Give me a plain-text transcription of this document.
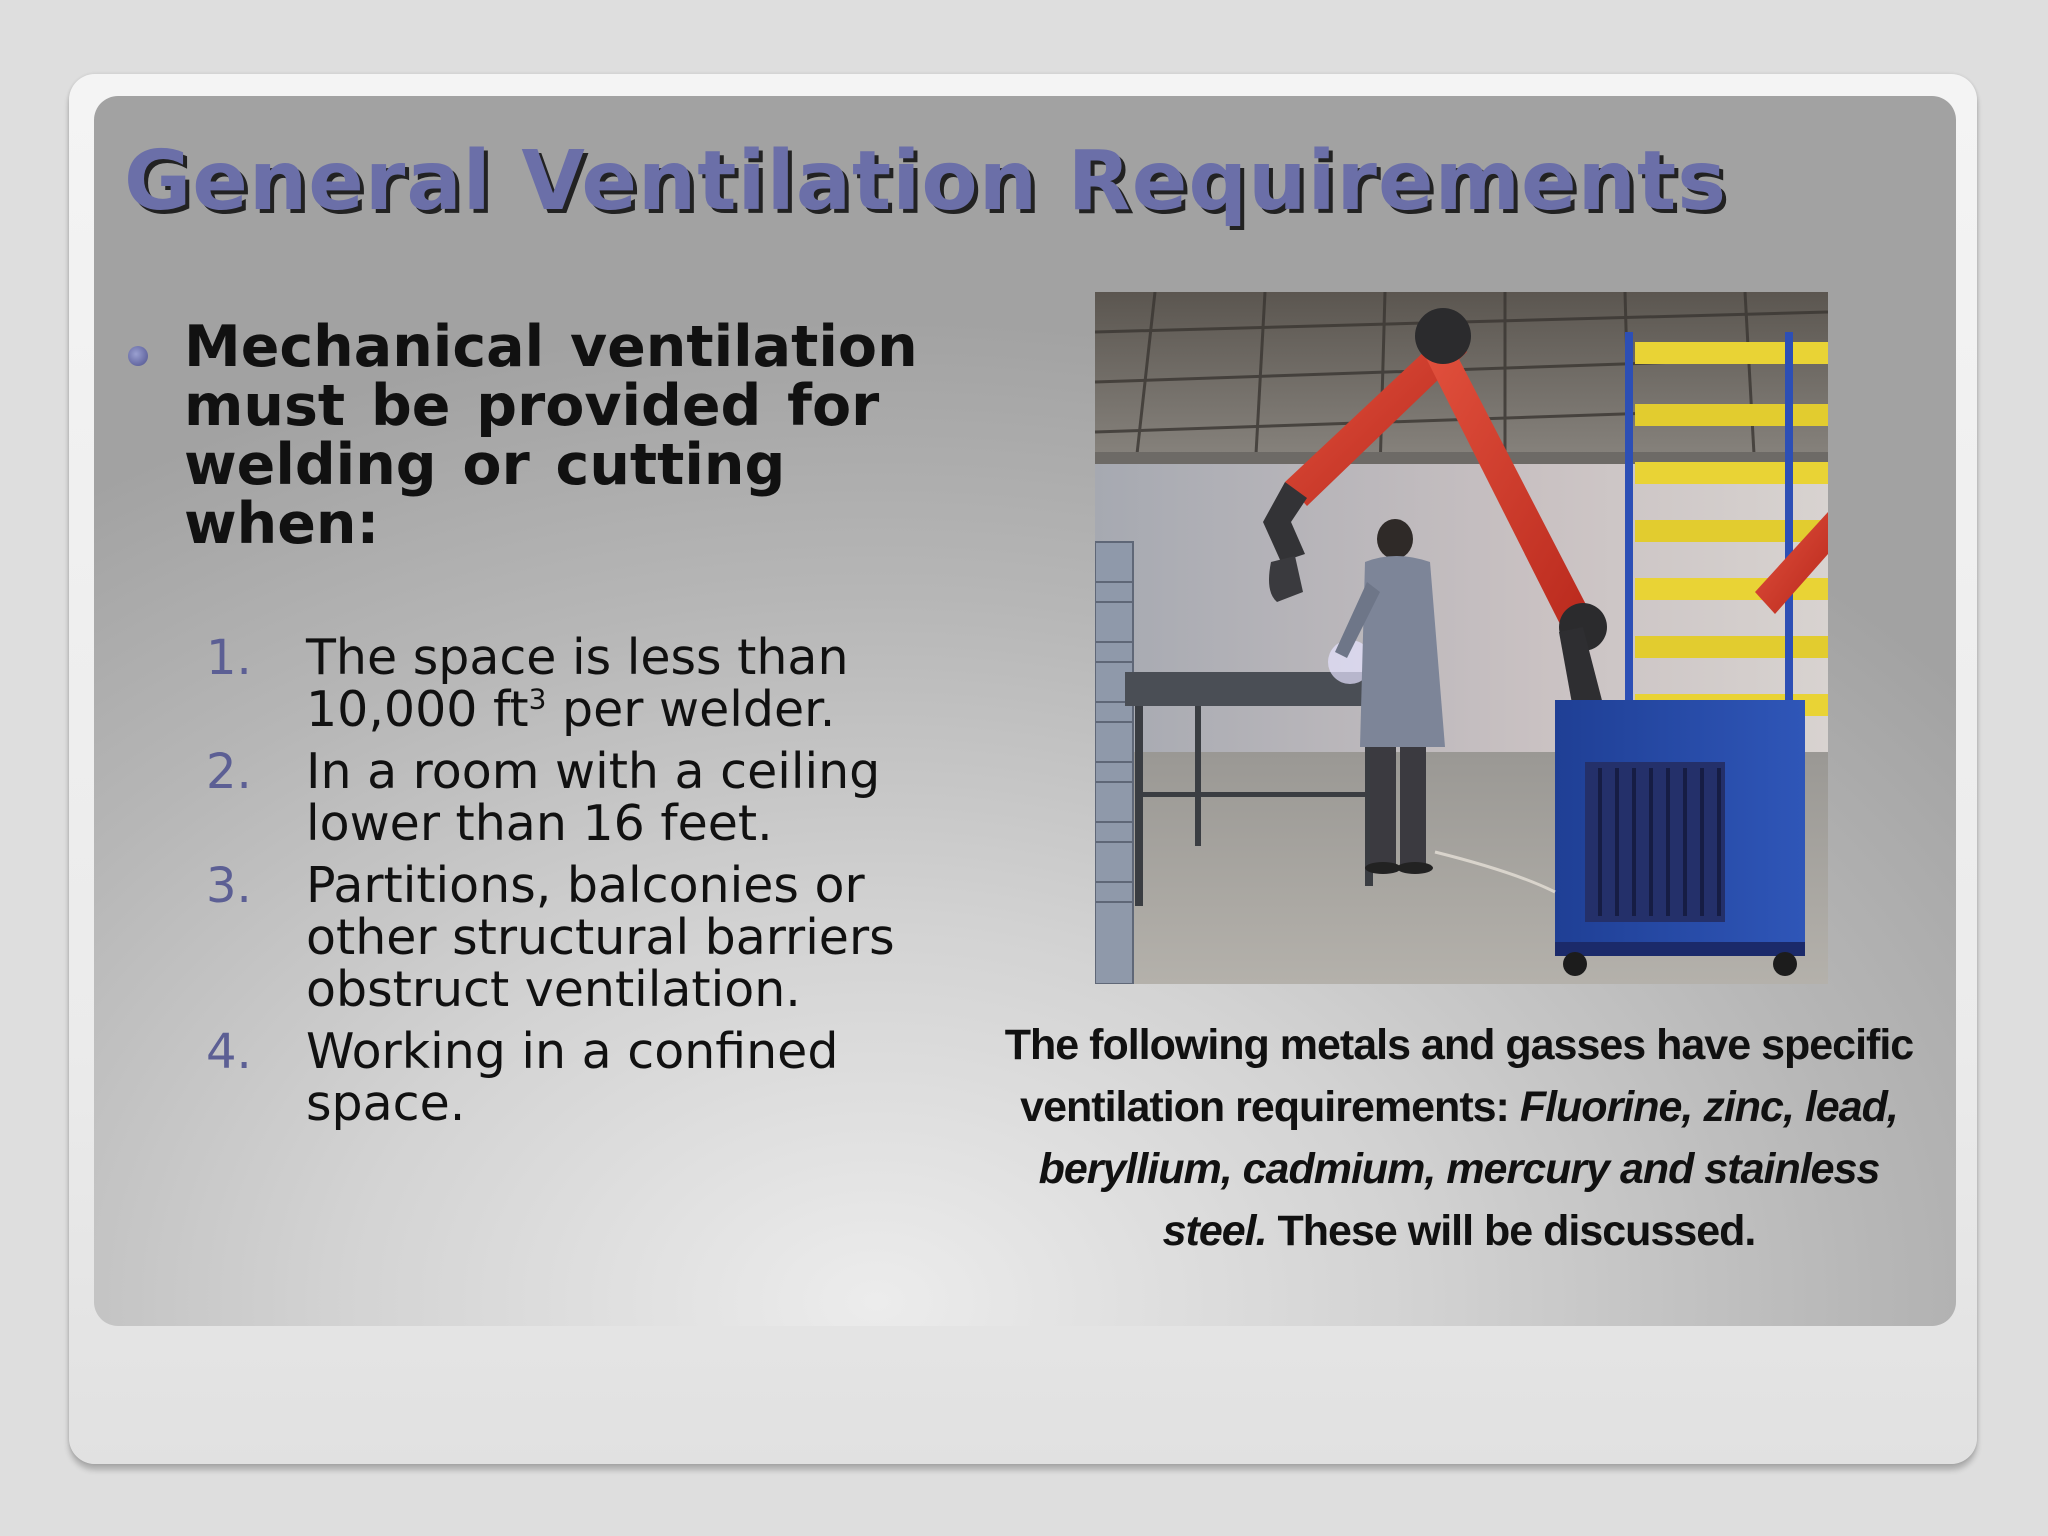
General Ventilation Requirements

Mechanical ventilation must be provided for welding or cutting when:

1. The space is less than 10,000 $ft^3$ per welder.
2. In a room with a ceiling lower than 16 feet.
3. Partitions, balconies or other structural barriers obstruct ventilation.
4. Working in a confined space.

The following metals and gasses have specific ventilation requirements: Fluorine, zinc, lead, beryllium, cadmium, mercury and stainless steel. These will be discussed.
